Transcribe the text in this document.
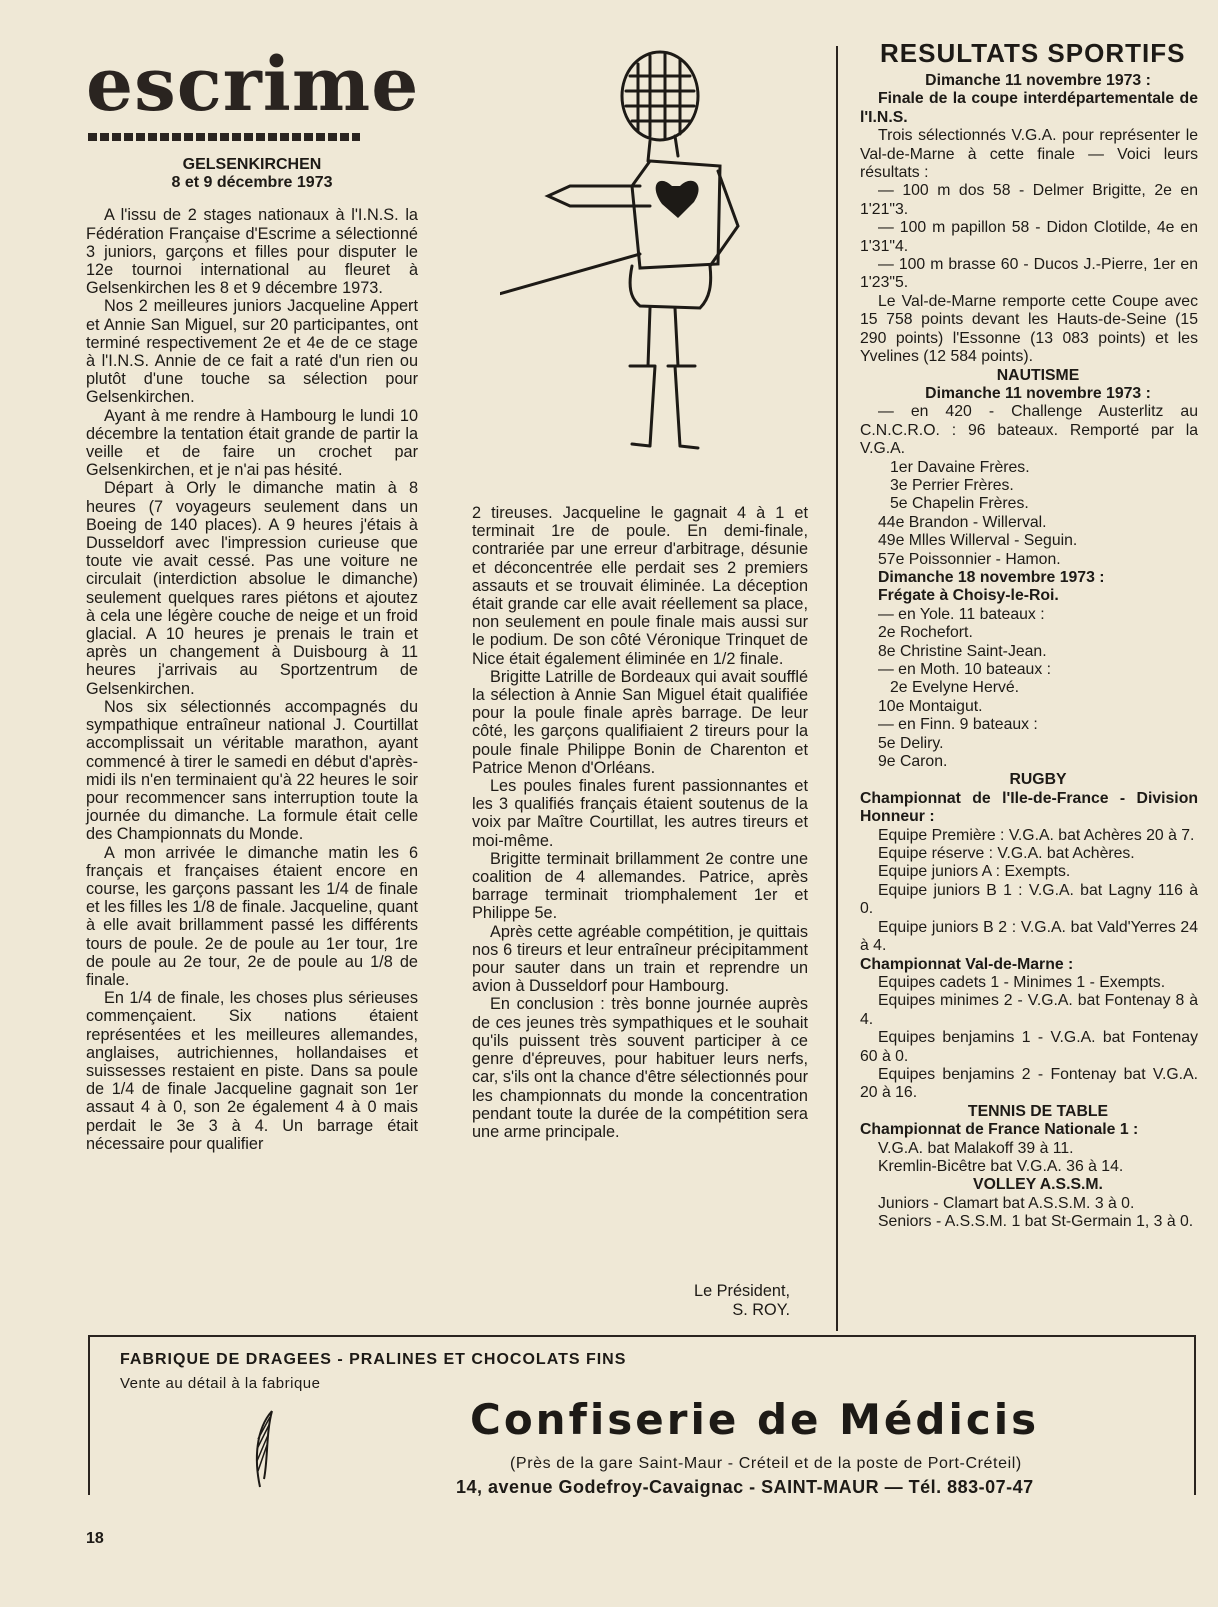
escrime
GELSENKIRCHEN
8 et 9 décembre 1973

A l'issu de 2 stages nationaux à l'I.N.S. la Fédération Française d'Escrime a sélectionné 3 juniors, garçons et filles pour disputer le 12e tournoi international au fleuret à Gelsenkirchen les 8 et 9 décembre 1973.

Nos 2 meilleures juniors Jacqueline Appert et Annie San Miguel, sur 20 participantes, ont terminé respectivement 2e et 4e de ce stage à l'I.N.S. Annie de ce fait a raté d'un rien ou plutôt d'une touche sa sélection pour Gelsenkirchen.

Ayant à me rendre à Hambourg le lundi 10 décembre la tentation était grande de partir la veille et de faire un crochet par Gelsenkirchen, et je n'ai pas hésité.

Départ à Orly le dimanche matin à 8 heures (7 voyageurs seulement dans un Boeing de 140 places). A 9 heures j'étais à Dusseldorf avec l'impression curieuse que toute vie avait cessé. Pas une voiture ne circulait (interdiction absolue le dimanche) seulement quelques rares piétons et ajoutez à cela une légère couche de neige et un froid glacial. A 10 heures je prenais le train et après un changement à Duisbourg à 11 heures j'arrivais au Sportzentrum de Gelsenkirchen.

Nos six sélectionnés accompagnés du sympathique entraîneur national J. Courtillat accomplissait un véritable marathon, ayant commencé à tirer le samedi en début d'après-midi ils n'en terminaient qu'à 22 heures le soir pour recommencer sans interruption toute la journée du dimanche. La formule était celle des Championnats du Monde.

A mon arrivée le dimanche matin les 6 français et françaises étaient encore en course, les garçons passant les 1/4 de finale et les filles les 1/8 de finale. Jacqueline, quant à elle avait brillamment passé les différents tours de poule. 2e de poule au 1er tour, 1re de poule au 2e tour, 2e de poule au 1/8 de finale.

En 1/4 de finale, les choses plus sérieuses commençaient. Six nations étaient représentées et les meilleures allemandes, anglaises, autrichiennes, hollandaises et suissesses restaient en piste. Dans sa poule de 1/4 de finale Jacqueline gagnait son 1er assaut 4 à 0, son 2e également 4 à 0 mais perdait le 3e 3 à 4. Un barrage était nécessaire pour qualifier

2 tireuses. Jacqueline le gagnait 4 à 1 et terminait 1re de poule. En demi-finale, contrariée par une erreur d'arbitrage, désunie et déconcentrée elle perdait ses 2 premiers assauts et se trouvait éliminée. La déception était grande car elle avait réellement sa place, non seulement en poule finale mais aussi sur le podium. De son côté Véronique Trinquet de Nice était également éliminée en 1/2 finale.

Brigitte Latrille de Bordeaux qui avait soufflé la sélection à Annie San Miguel était qualifiée pour la poule finale après barrage. De leur côté, les garçons qualifiaient 2 tireurs pour la poule finale Philippe Bonin de Charenton et Patrice Menon d'Orléans.

Les poules finales furent passionnantes et les 3 qualifiés français étaient soutenus de la voix par Maître Courtillat, les autres tireurs et moi-même.

Brigitte terminait brillamment 2e contre une coalition de 4 allemandes. Patrice, après barrage terminait triomphalement 1er et Philippe 5e.

Après cette agréable compétition, je quittais nos 6 tireurs et leur entraîneur précipitamment pour sauter dans un train et reprendre un avion à Dusseldorf pour Hambourg.

En conclusion : très bonne journée auprès de ces jeunes très sympathiques et le souhait qu'ils puissent très souvent participer à ce genre d'épreuves, pour habituer leurs nerfs, car, s'ils ont la chance d'être sélectionnés pour les championnats du monde la concentration pendant toute la durée de la compétition sera une arme principale.

Le Président,
S. ROY.
RESULTATS SPORTIFS

Dimanche 11 novembre 1973 :

Finale de la coupe interdépartementale de l'I.N.S.

Trois sélectionnés V.G.A. pour représenter le Val-de-Marne à cette finale — Voici leurs résultats :

— 100 m dos 58 - Delmer Brigitte, 2e en 1'21"3.

— 100 m papillon 58 - Didon Clotilde, 4e en 1'31"4.

— 100 m brasse 60 - Ducos J.-Pierre, 1er en 1'23"5.

Le Val-de-Marne remporte cette Coupe avec 15 758 points devant les Hauts-de-Seine (15 290 points) l'Essonne (13 083 points) et les Yvelines (12 584 points).

NAUTISME

Dimanche 11 novembre 1973 :

— en 420 - Challenge Austerlitz au C.N.C.R.O. : 96 bateaux. Remporté par la V.G.A.

1er Davaine Frères.

3e Perrier Frères.

5e Chapelin Frères.

44e Brandon - Willerval.

49e Mlles Willerval - Seguin.

57e Poissonnier - Hamon.

Dimanche 18 novembre 1973 :

Frégate à Choisy-le-Roi.

— en Yole. 11 bateaux :

2e Rochefort.

8e Christine Saint-Jean.

— en Moth. 10 bateaux :

2e Evelyne Hervé.

10e Montaigut.

— en Finn. 9 bateaux :

5e Deliry.

9e Caron.

RUGBY

Championnat de l'Ile-de-France - Division Honneur :

Equipe Première : V.G.A. bat Achères 20 à 7.

Equipe réserve : V.G.A. bat Achères.

Equipe juniors A : Exempts.

Equipe juniors B 1 : V.G.A. bat Lagny 116 à 0.

Equipe juniors B 2 : V.G.A. bat Vald'Yerres 24 à 4.

Championnat Val-de-Marne :

Equipes cadets 1 - Minimes 1 - Exempts.

Equipes minimes 2 - V.G.A. bat Fontenay 8 à 4.

Equipes benjamins 1 - V.G.A. bat Fontenay 60 à 0.

Equipes benjamins 2 - Fontenay bat V.G.A. 20 à 16.

TENNIS DE TABLE

Championnat de France Nationale 1 :

V.G.A. bat Malakoff 39 à 11.

Kremlin-Bicêtre bat V.G.A. 36 à 14.

VOLLEY A.S.S.M.

Juniors - Clamart bat A.S.S.M. 3 à 0.

Seniors - A.S.S.M. 1 bat St-Germain 1, 3 à 0.

FABRIQUE DE DRAGEES - PRALINES ET CHOCOLATS FINS
Vente au détail à la fabrique
Confiserie de Médicis
(Près de la gare Saint-Maur - Créteil et de la poste de Port-Créteil)
14, avenue Godefroy-Cavaignac - SAINT-MAUR — Tél. 883-07-47
18
